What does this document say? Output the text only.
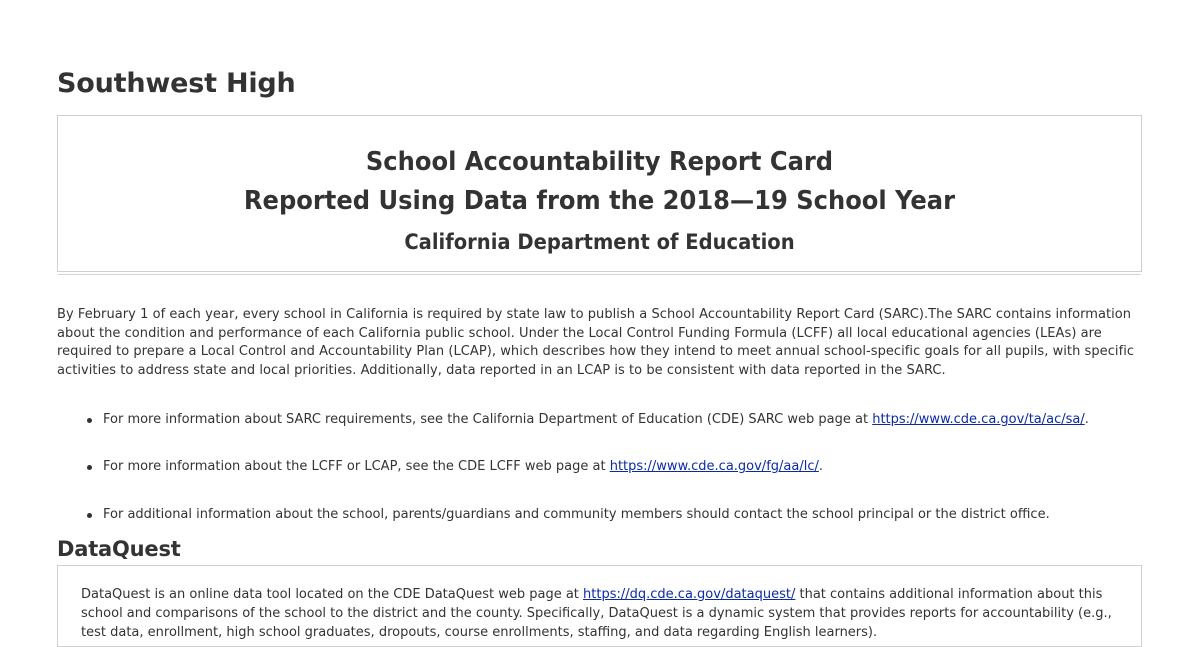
Southwest High
School Accountability Report Card
Reported Using Data from the 2018—19 School Year
California Department of Education

By February 1 of each year, every school in California is required by state law to publish a School Accountability Report Card (SARC).The SARC contains information about the condition and performance of each California public school. Under the Local Control Funding Formula (LCFF) all local educational agencies (LEAs) are required to prepare a Local Control and Accountability Plan (LCAP), which describes how they intend to meet annual school-specific goals for all pupils, with specific activities to address state and local priorities. Additionally, data reported in an LCAP is to be consistent with data reported in the SARC.

For more information about SARC requirements, see the California Department of Education (CDE) SARC web page at https://www.cde.ca.gov/ta/ac/sa/.
For more information about the LCFF or LCAP, see the CDE LCFF web page at https://www.cde.ca.gov/fg/aa/lc/.
For additional information about the school, parents/guardians and community members should contact the school principal or the district office.
DataQuest

DataQuest is an online data tool located on the CDE DataQuest web page at https://dq.cde.ca.gov/dataquest/ that contains additional information about this school and comparisons of the school to the district and the county. Specifically, DataQuest is a dynamic system that provides reports for accountability (e.g., test data, enrollment, high school graduates, dropouts, course enrollments, staffing, and data regarding English learners).
